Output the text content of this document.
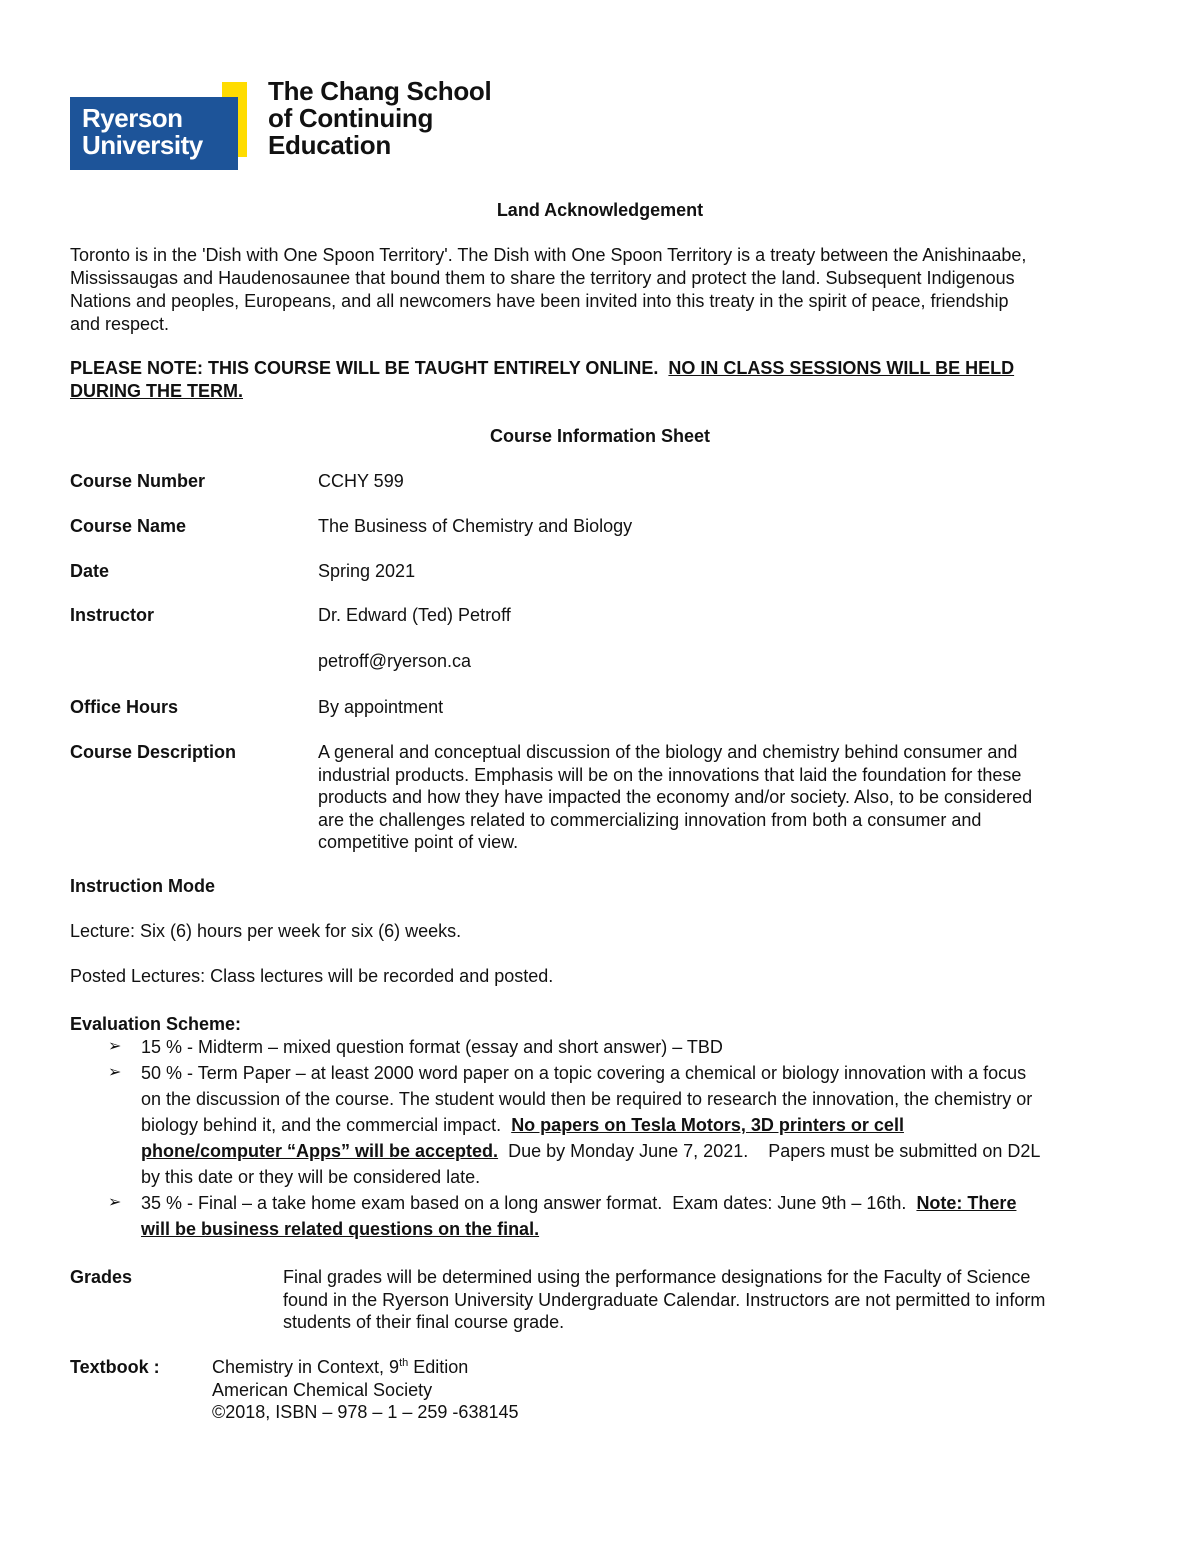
Ryerson
University
The Chang School
of Continuing
Education
Land Acknowledgement
Toronto is in the 'Dish with One Spoon Territory'. The Dish with One Spoon Territory is a treaty between the Anishinaabe,
Mississaugas and Haudenosaunee that bound them to share the territory and protect the land. Subsequent Indigenous
Nations and peoples, Europeans, and all newcomers have been invited into this treaty in the spirit of peace, friendship
and respect.
PLEASE NOTE: THIS COURSE WILL BE TAUGHT ENTIRELY ONLINE.  NO IN CLASS SESSIONS WILL BE HELD
DURING THE TERM.
Course Information Sheet
Course Number	CCHY 599
Course Name	The Business of Chemistry and Biology
Date	Spring 2021
Instructor	Dr. Edward (Ted) Petroff
petroff@ryerson.ca
Office Hours	By appointment
Course Description	A general and conceptual discussion of the biology and chemistry behind consumer and
industrial products. Emphasis will be on the innovations that laid the foundation for these
products and how they have impacted the economy and/or society. Also, to be considered
are the challenges related to commercializing innovation from both a consumer and
competitive point of view.
Instruction Mode
Lecture: Six (6) hours per week for six (6) weeks.
Posted Lectures: Class lectures will be recorded and posted.
Evaluation Scheme:
➢ 15 % - Midterm – mixed question format (essay and short answer) – TBD
➢ 50 % - Term Paper – at least 2000 word paper on a topic covering a chemical or biology innovation with a focus
on the discussion of the course. The student would then be required to research the innovation, the chemistry or
biology behind it, and the commercial impact.  No papers on Tesla Motors, 3D printers or cell
phone/computer “Apps” will be accepted.  Due by Monday June 7, 2021.    Papers must be submitted on D2L
by this date or they will be considered late.
➢ 35 % - Final – a take home exam based on a long answer format.  Exam dates: June 9th – 16th.  Note: There
will be business related questions on the final.
Grades	Final grades will be determined using the performance designations for the Faculty of Science
found in the Ryerson University Undergraduate Calendar. Instructors are not permitted to inform
students of their final course grade.
Textbook :	Chemistry in Context, 9th Edition
American Chemical Society
©2018, ISBN – 978 – 1 – 259 -638145
